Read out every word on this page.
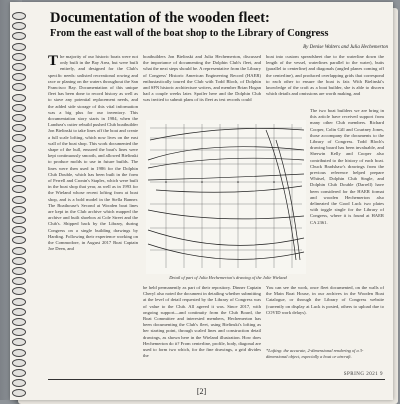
Documentation of the wooden fleet:
From the east wall of the boat shop to the Library of Congress
By Denise Walters and Julia Hechemerton
The majority of our historic boats were not only built in the Bay Area, but were built entirely, and designed for the Club's specific needs: unlisted recreational rowing and race or planing on the waters throughout the San Francisco Bay. Documentation of this unique fleet has been done to record history as well as to stave any potential replacement needs, and the added side storage of this vital information was a big plus for our inventory. This documentation story starts in 1984, when the Landsea's cutter rebuild pushed Club boatbuilder Jon Bielinski to take lines off the boat and create a full scale lofting, which now lives on the east wall of the boat shop. This work documented the shape of the hull, ensured the boat's lines were kept continuously smooth, and allowed Bielinski to produce molds to use in future builds. The lines were then used in 1986 for the Dolphin Club Double, which has been built in the form of Ferrell and Cronin's Staples, which were built in the boat shop that year, as well as in 1993 for the Wieland whose recent lofting from at boat shop, and is a bold model in the Stella Banner. The Boathouse's Second at Wooden boat lines are kept in the Club archive which mapped the archive and built shoebox at Cole Street and the Club's. Shipped back by the Library, during Congress on a single building drawings by Harding. Following their experience working on the Commodore, in August 2017 Boat Captain Joe Deen, and
boatbuilders Jon Bielinski and Julia Hechemerton, discussed the importance of documenting the Dolphin Club's fleet, and what the next steps should be. A representative from the Library of Congress' Historic American Engineering Record (HAER) enthusiastically toured the Club with Todd Bloch, of Dolphin and SFN historic architecture writers, and member Brian Hogan had a couple weeks later. Spoiler here and the Dolphin Club was invited to submit plans of its fleet as test records could
boat into custom spreadsheet due to the waterline down the length of the vessel, waterlines parallel to the water), butts (parallel to centerline) and diagonals (angled planes coming off the centerline), and produced overlapping grids that correspond to each other to ensure the boat is fair. With Bielinski's knowledge of the craft as a boat builder, she is able to discern which details and omissions are worth making, and
The two boat builders we are bring in this article have received support from many other Club members. Richard Cooper, Colin Gill and Courtney Jones, those accompany the documents to the Library of Congress. Todd Bloch's drawing board has been invaluable, and Sherwin Kelly and Cooper also contributed to the history of each boat. Chuck Bradshaw's drawings from the previous reference helped prepare Whitsel, Dolphin Club Single, and Dolphin Club Double (Darrell) have been considered for the HAER format and wooden Hechemerton also delineated the Good Luck two plates with toggle single for the Library of Congress, where it is found at HAER CA 2361.
Detail of part of Julia Hechemerton's drawing of the Julie Wieland
be held permanently as part of their repository. Dinner Captain Cheryl also noted the document in detailing whether submitting at the level of detail requested by the Library of Congress was of value to the Club. All agreed it was. Since 2017, with ongoing support—and continuity from the Club Board, the Boat Committee and interested members, Hechemerton has been documenting the Club's fleet, using Bielinski's lofting as her starting point, through scaled lines and construction detail drawings, as shown here in the Wieland illustration. How does Hechemerton do it? From centerline, profile, body, diagonal are used to form two which, for the fine drawings, a grid divides the
You can see the work, once fleet documented, on the walls of the Main Boat House, in our archives in the Wooden Boat Catalogue, or through the Library of Congress website (currently on display at Luck is posted, others to upload due to COVID work delays).
*Lofting: the accurate, 2-dimensional rendering of a 3-dimensional object, especially a boat or aircraft.
SPRING 2021 9
[2]
